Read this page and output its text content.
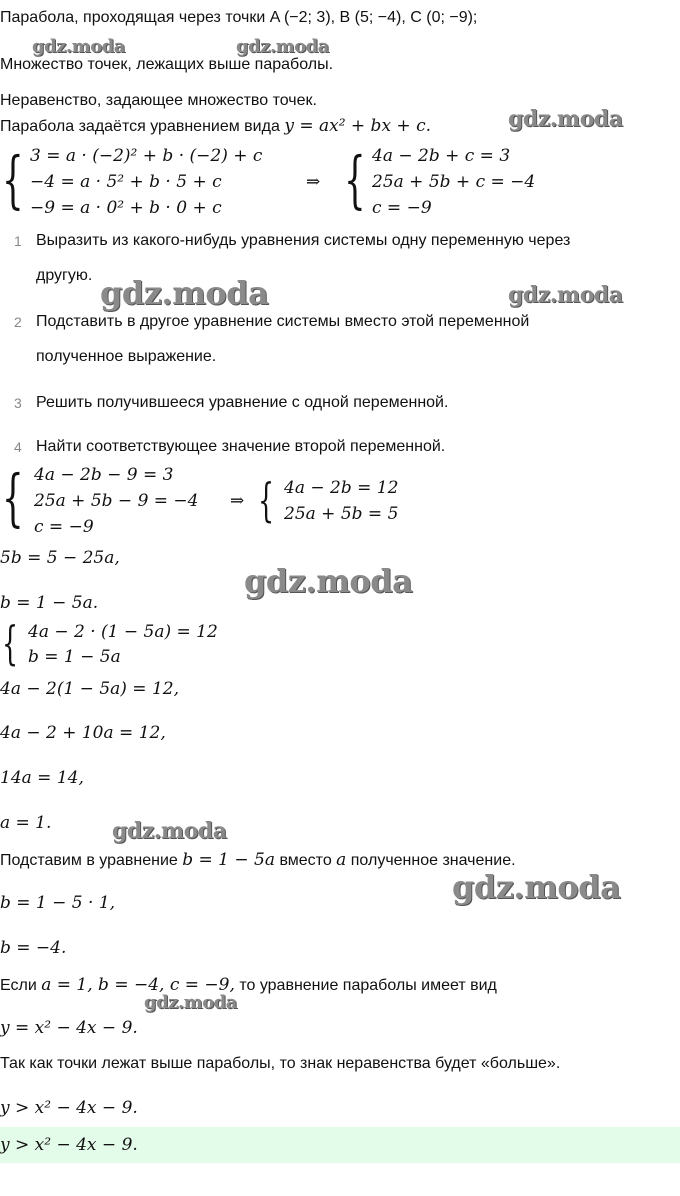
Парабола, проходящая через точки A (−2; 3), B (5; −4), C (0; −9);
Множество точек, лежащих выше параболы.
Неравенство, задающее множество точек.
Парабола задаётся уравнением вида y = ax² + bx + c.
{ 3 = a · (−2)² + b · (−2) + c
−4 = a · 5² + b · 5 + c
−9 = a · 0² + b · 0 + c
⇒ { 4a − 2b + c = 3
25a + 5b + c = −4
c = −9
1 Выразить из какого-нибудь уравнения системы одну переменную через
другую.
2 Подставить в другое уравнение системы вместо этой переменной
полученное выражение.
3 Решить получившееся уравнение с одной переменной.
4 Найти соответствующее значение второй переменной.
{ 4a − 2b − 9 = 3
25a + 5b − 9 = −4
c = −9
⇒ { 4a − 2b = 12
25a + 5b = 5
5b = 5 − 25a,
b = 1 − 5a.
{ 4a − 2 · (1 − 5a) = 12
b = 1 − 5a
4a − 2(1 − 5a) = 12,
4a − 2 + 10a = 12,
14a = 14,
a = 1.
Подставим в уравнение b = 1 − 5a вместо a полученное значение.
b = 1 − 5 · 1,
b = −4.
Если a = 1, b = −4, c = −9, то уравнение параболы имеет вид
y = x² − 4x − 9.
Так как точки лежат выше параболы, то знак неравенства будет «больше».
y > x² − 4x − 9.
y > x² − 4x − 9.
gdz.moda	gdz.moda
gdz.moda
gdz.moda	gdz.moda
gdz.moda
gdz.moda
gdz.moda
gdz.moda
